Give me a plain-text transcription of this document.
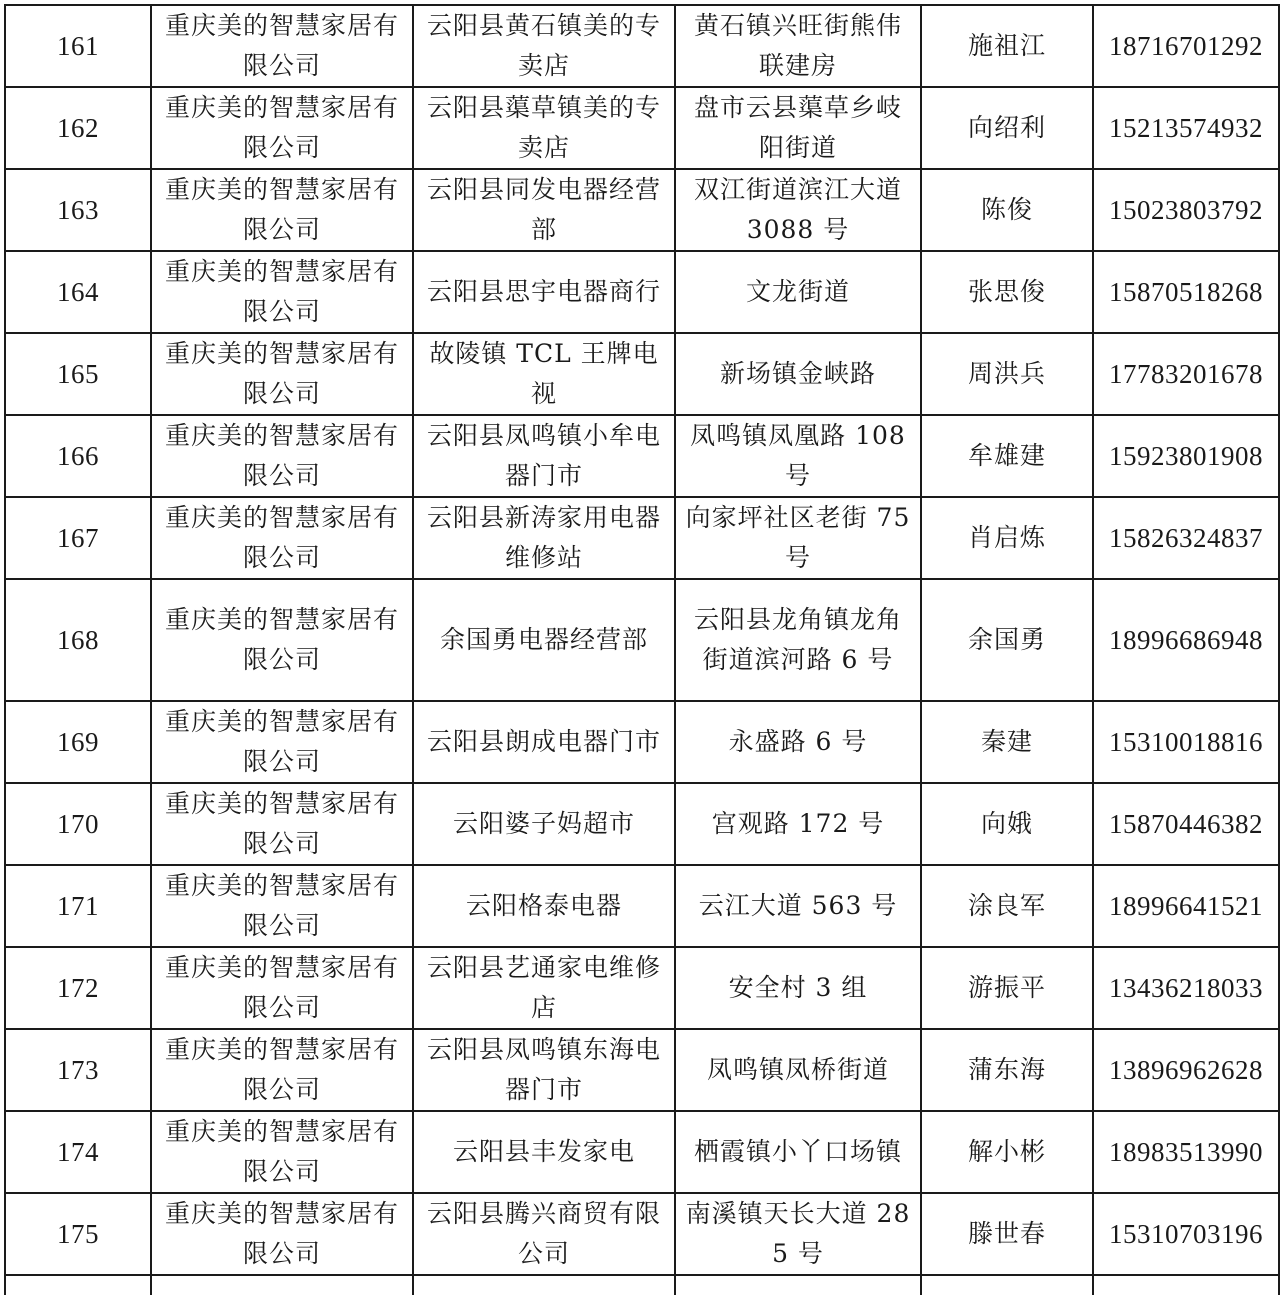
161	重庆美的智慧家居有限公司	云阳县黄石镇美的专卖店	黄石镇兴旺街熊伟联建房	施祖江	18716701292
162	重庆美的智慧家居有限公司	云阳县蕖草镇美的专卖店	盘市云县蕖草乡岐阳街道	向绍利	15213574932
163	重庆美的智慧家居有限公司	云阳县同发电器经营部	双江街道滨江大道 3088 号	陈俊	15023803792
164	重庆美的智慧家居有限公司	云阳县思宇电器商行	文龙街道	张思俊	15870518268
165	重庆美的智慧家居有限公司	故陵镇 TCL 王牌电视	新场镇金峡路	周洪兵	17783201678
166	重庆美的智慧家居有限公司	云阳县凤鸣镇小牟电器门市	凤鸣镇凤凰路 108 号	牟雄建	15923801908
167	重庆美的智慧家居有限公司	云阳县新涛家用电器维修站	向家坪社区老街 75 号	肖启炼	15826324837
168	重庆美的智慧家居有限公司	余国勇电器经营部	云阳县龙角镇龙角街道滨河路 6 号	余国勇	18996686948
169	重庆美的智慧家居有限公司	云阳县朗成电器门市	永盛路 6 号	秦建	15310018816
170	重庆美的智慧家居有限公司	云阳婆子妈超市	宫观路 172 号	向娥	15870446382
171	重庆美的智慧家居有限公司	云阳格泰电器	云江大道 563 号	涂良军	18996641521
172	重庆美的智慧家居有限公司	云阳县艺通家电维修店	安全村 3 组	游振平	13436218033
173	重庆美的智慧家居有限公司	云阳县凤鸣镇东海电器门市	凤鸣镇凤桥街道	蒲东海	13896962628
174	重庆美的智慧家居有限公司	云阳县丰发家电	栖霞镇小丫口场镇	解小彬	18983513990
175	重庆美的智慧家居有限公司	云阳县腾兴商贸有限公司	南溪镇天长大道 285 号	滕世春	15310703196
